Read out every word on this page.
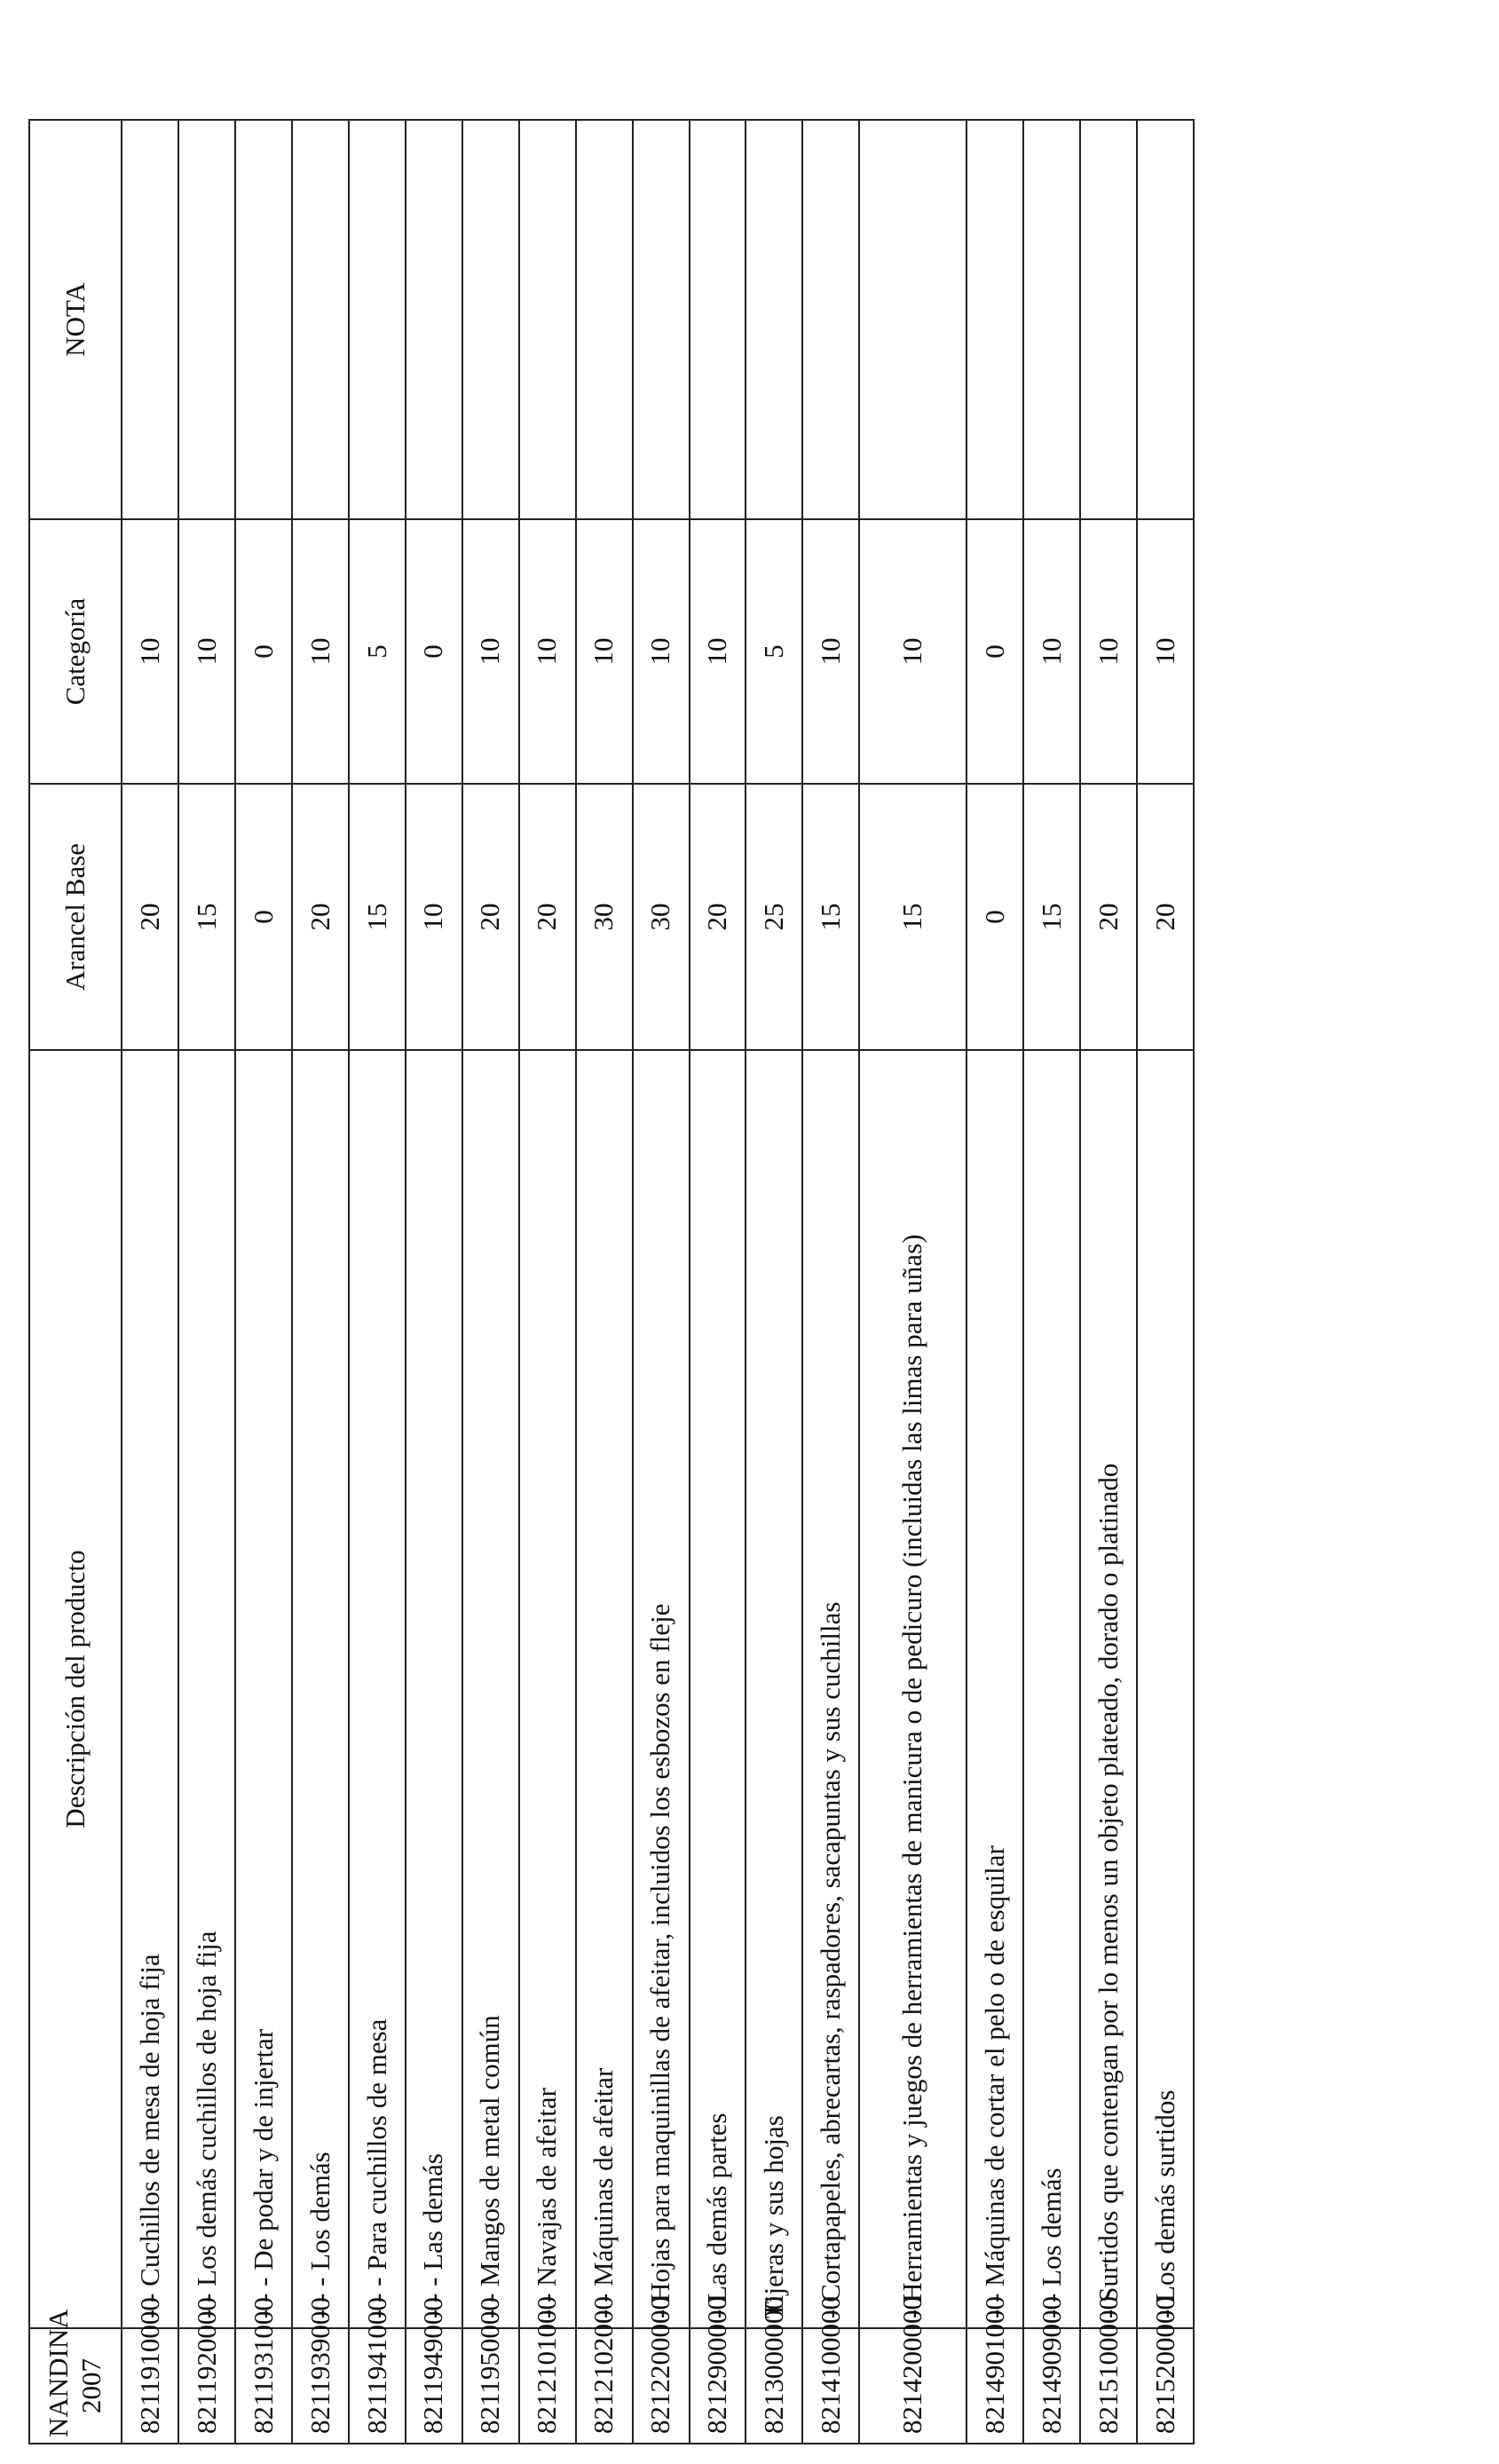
NANDINA 2007	Descripción del producto	Arancel Base	Categoría	NOTA
8211910000	- - Cuchillos de mesa de hoja fija	20	10	
8211920000	- - Los demás cuchillos de hoja fija	15	10	
8211931000	- - - De podar y de injertar	0	0	
8211939000	- - - Los demás	20	10	
8211941000	- - - Para cuchillos de mesa	15	5	
8211949000	- - - Las demás	10	0	
8211950000	- - Mangos de metal común	20	10	
8212101000	- - Navajas de afeitar	20	10	
8212102000	- - Máquinas de afeitar	30	10	
8212200000	- Hojas para maquinillas de afeitar, incluidos los esbozos en fleje	30	10	
8212900000	- Las demás partes	20	10	
8213000000	Tijeras y sus hojas	25	5	
8214100000	- Cortapapeles, abrecartas, raspadores, sacapuntas y sus cuchillas	15	10	
8214200000	- Herramientas y juegos de herramientas de manicura o de pedicuro (incluidas las limas para uñas)	15	10	
8214901000	- - Máquinas de cortar el pelo o de esquilar	0	0	
8214909000	- - Los demás	15	10	
8215100000	- Surtidos que contengan por lo menos un objeto plateado, dorado o platinado	20	10	
8215200000	- Los demás surtidos	20	10	
